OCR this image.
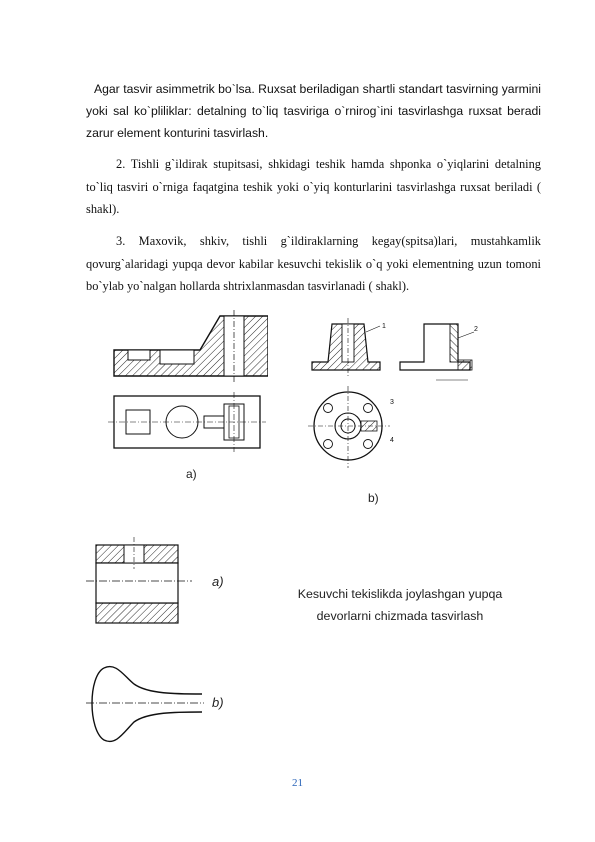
Agar tasvir asimmetrik bo`lsa. Ruxsat beriladigan shartli standart tasvirning yarmini yoki sal ko`pliliklar: detalning to`liq tasviriga o`rnirog`ini tasvirlashga ruxsat beradi zarur element konturini tasvirlash.
2. Tishli g`ildirak stupitsasi, shkidagi teshik hamda shponka o`yiqlarini detalning to`liq tasviri o`rniga faqatgina teshik yoki o`yiq konturlarini tasvirlashga ruxsat beriladi ( shakl).
3. Maxovik, shkiv, tishli g`ildiraklarning kegay(spitsa)lari, mustahkamlik qovurg`alaridagi yupqa devor kabilar kesuvchi tekislik o`q yoki elementning uzun tomoni bo`ylab yo`nalgan hollarda shtrixlanmasdan tasvirlanadi ( shakl).
a)
1	2
3
4
b)
a)
b)
Kesuvchi tekislikda joylashgan yupqa
devorlarni chizmada tasvirlash
21
